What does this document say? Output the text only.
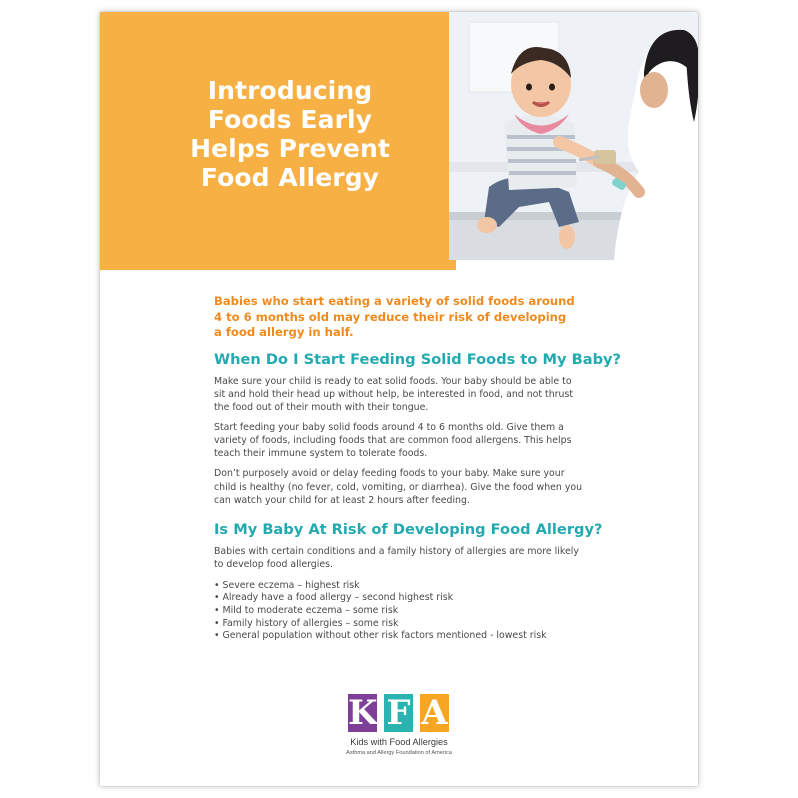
Introducing
Foods Early
Helps Prevent
Food Allergy

Babies who start eating a variety of solid foods around
4 to 6 months old may reduce their risk of developing
a food allergy in half.

When Do I Start Feeding Solid Foods to My Baby?

Make sure your child is ready to eat solid foods. Your baby should be able to
sit and hold their head up without help, be interested in food, and not thrust
the food out of their mouth with their tongue.

Start feeding your baby solid foods around 4 to 6 months old. Give them a
variety of foods, including foods that are common food allergens. This helps
teach their immune system to tolerate foods.

Don’t purposely avoid or delay feeding foods to your baby. Make sure your
child is healthy (no fever, cold, vomiting, or diarrhea). Give the food when you
can watch your child for at least 2 hours after feeding.

Is My Baby At Risk of Developing Food Allergy?

Babies with certain conditions and a family history of allergies are more likely
to develop food allergies.

• Severe eczema – highest risk
• Already have a food allergy – second highest risk
• Mild to moderate eczema – some risk
• Family history of allergies – some risk
• General population without other risk factors mentioned - lowest risk
K F A
Kids with Food Allergies
Asthma and Allergy Foundation of America
